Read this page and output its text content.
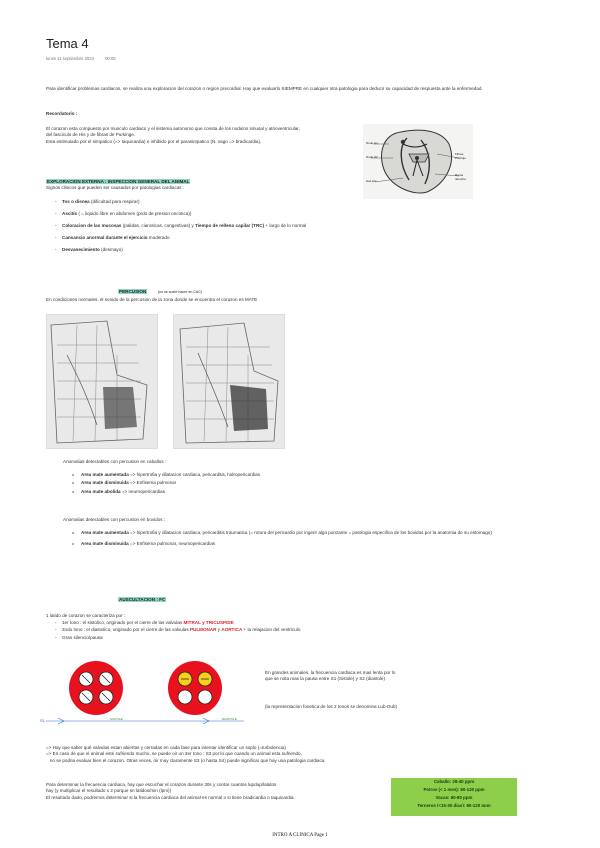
Tema 4
lunes 11 septiembre 2023	00:05
Para identificar problemas cardiacos, se realiza una exploracion del corazon o region precordial. Hay que evaluarlo SIEMPRE en cualquier otra patologia para deducir su capacidad de respuesta ante la enfermedad.
Recordatorio :
El corazon esta compuesto por musculo cardiaco y el sistema autonomo que consta de los nodulos sinusal y atrioventricular,
del fasciculo de His y de fibras de Purkinge.
Esta estimulado por el simpatico (=> taquicardia) e inhibido por el parasimpatico (N. vago => bradicardia).	Nodo sin.
Nodo AV
Haz His
Fibras Purkinje
Rama derecha
EXPLORACION EXTERNA : INSPECCION GENERAL DEL ANIMAL
Signos clinicos que pueden ser causados por patologias cardiacas :
- Tos o disnea (dificultad para respirar)
- Ascitis ( = liquido libre en abdomen (prdo de presion oncotica))
- Coloracion de las mucosas (palidas, cianoticas, congestivas) y Tiempo de relleno capilar (TRC) + largo de lo normal
- Cansancio anormal durante el ejercicio moderado
- Desvanecimiento (desmayo)
PERCUSION	(no se suele hacer en CAC)
En condiciones normales, el sonido de la percusion de la zona donde se encuentra el corazon es MATE
Anomalias detectables con percusion en caballos :
o Area mate aumentada => hipertrofia y dilatacion cardiaca, pericarditis, hidropericardias
o Area mate disminuida => Enfisema pulmonar
o Area mate abolida => neumopericardias
Anomalias detectables con percusion en bovidos :
o Area mate aumentada => hipertrofia y dilatacion cardiaca, pericarditis traumatica (= rotura del pericardio por ingerir algo punzante = patologia especifica de los bovidos por la anatomia de su estomago)
o Area mate disminuida => Enfisema pulmonar, neumopericardias
AUSCULTACION : FC
1 latido de corazon se caracteriza por :
- 1er tono : el sistolico, originado por el cierre de las valvulas MITRAL y TRICUSPIDE
- 2ndo tono : el diastolico, originado por el cierre de las valvulas PULMONAR y AORTICA + la relajacion del ventriculo
- Gran silencio/pausa
S1	SISTOLE	DIASTOLE
En grandes animales, la frecuencia cardiaca es mas lenta por lo que se nota mas la pausa entre S1 (Sistole) y S2 (diastole)
(la representacion fonetica de los 2 tonos se denomina Lub-Dub)
=> Hay que saber qué valvulas estan abiertas y cerradas en cada fase para intentar identificar un soplo (=turbulencia)
=> En caso de que el animal esté sufriendo mucho, se puede oir un 3er tono : S3 por lo que cuando un animal esta sufriendo,
no se podria evaluar bien el corazon. Otras veces, oir muy claramente S3 (o hasta S4) puede significar que hay una patologia cardiaca.
Para determinar la frecuencia cardiaca, hay que escuchar el corazon durante 30s y contar cuantos lupdup/latidos
hay (y multiplicar el resultado x 2 porque sn latidos/min (lpm))
El resultado dado, podremos determinar si la frecuencia cardiaca del animal es normal o si tiene bradicardia o taquicardia.
Caballo: 28-40 ppm
Potros (< 1 mes): 80-120 ppm
Vacas: 60-80 ppm
Terneros (<15-30 dias): 80-120 ppm
INTRO A CLINICA Page 1
